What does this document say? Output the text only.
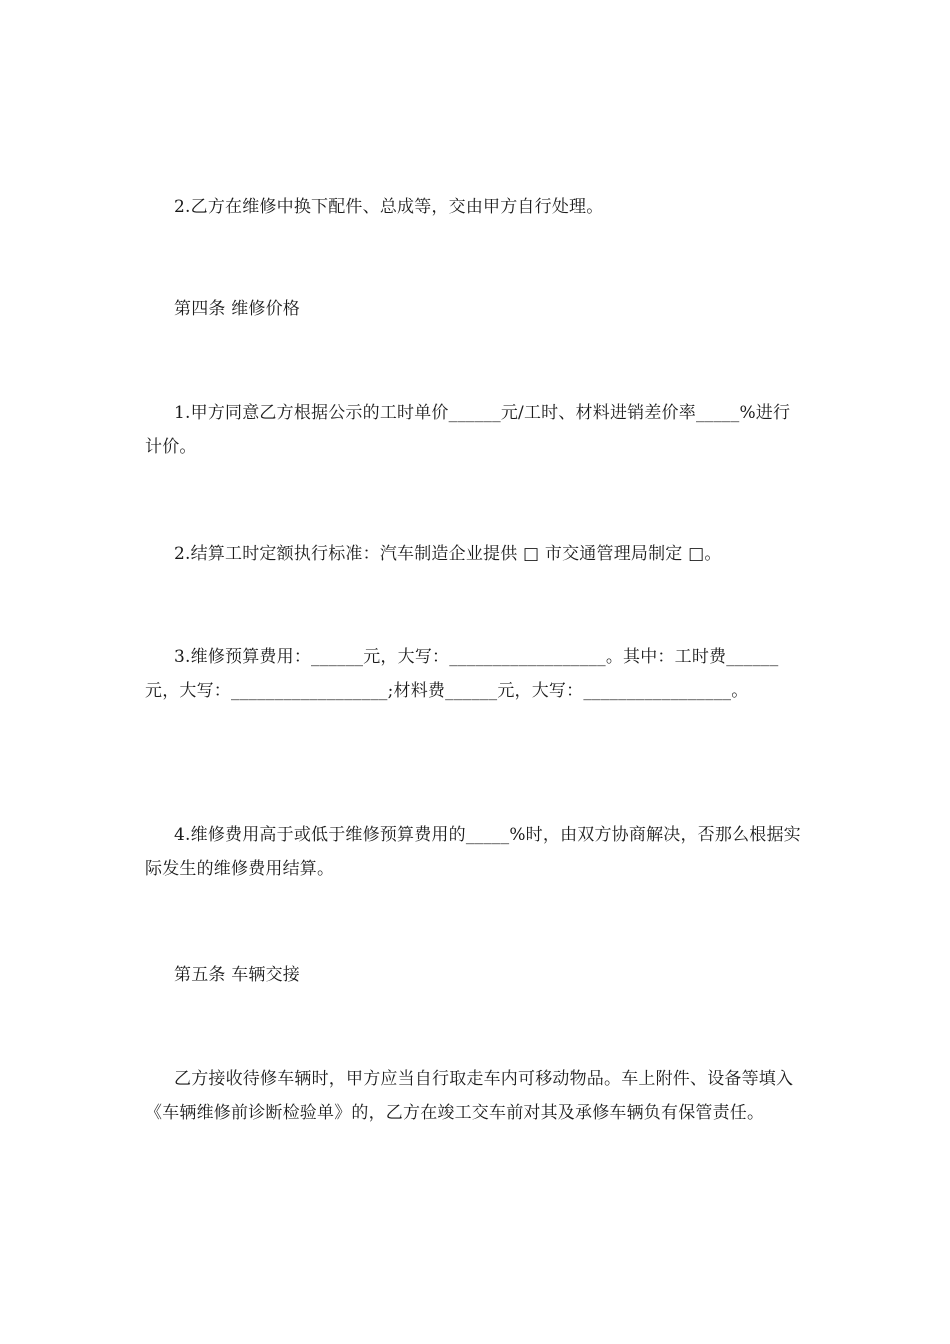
2.乙方在维修中换下配件、总成等，交由甲方自行处理。

第四条 维修价格

1.甲方同意乙方根据公示的工时单价______元/工时、材料进销差价率_____%进行计价。

2.结算工时定额执行标准：汽车制造企业提供 □ 市交通管理局制定 □。

3.维修预算费用：______元，大写：__________________。其中：工时费______元，大写：__________________;材料费______元，大写：_________________。

4.维修费用高于或低于维修预算费用的_____%时，由双方协商解决，否那么根据实际发生的维修费用结算。

第五条 车辆交接

乙方接收待修车辆时，甲方应当自行取走车内可移动物品。车上附件、设备等填入《车辆维修前诊断检验单》的，乙方在竣工交车前对其及承修车辆负有保管责任。
